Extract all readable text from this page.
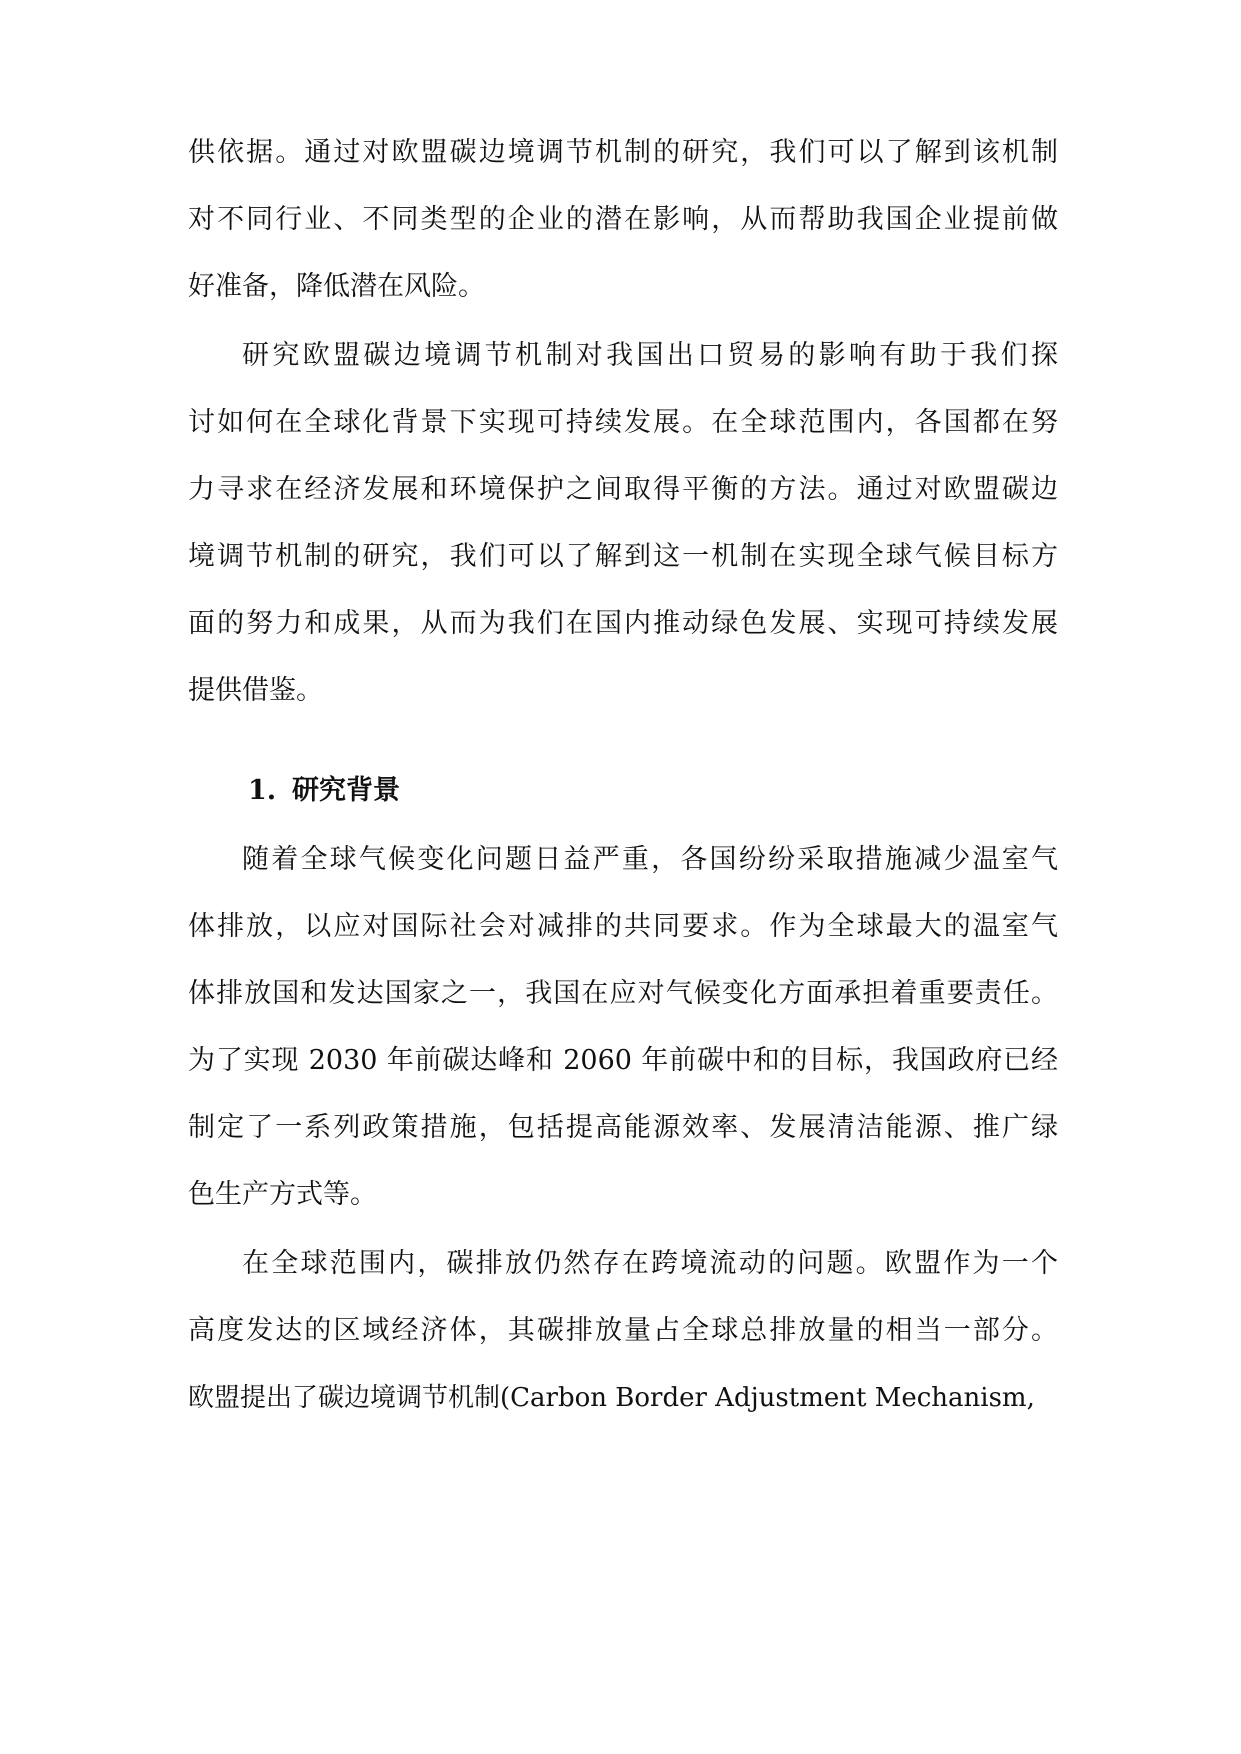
供依据。通过对欧盟碳边境调节机制的研究，我们可以了解到该机制
对不同行业、不同类型的企业的潜在影响，从而帮助我国企业提前做
好准备，降低潜在风险。
研究欧盟碳边境调节机制对我国出口贸易的影响有助于我们探
讨如何在全球化背景下实现可持续发展。在全球范围内，各国都在努
力寻求在经济发展和环境保护之间取得平衡的方法。通过对欧盟碳边
境调节机制的研究，我们可以了解到这一机制在实现全球气候目标方
面的努力和成果，从而为我们在国内推动绿色发展、实现可持续发展
提供借鉴。
1. 研究背景
随着全球气候变化问题日益严重，各国纷纷采取措施减少温室气
体排放，以应对国际社会对减排的共同要求。作为全球最大的温室气
体排放国和发达国家之一，我国在应对气候变化方面承担着重要责任。
为了实现 2030 年前碳达峰和 2060 年前碳中和的目标，我国政府已经
制定了一系列政策措施，包括提高能源效率、发展清洁能源、推广绿
色生产方式等。
在全球范围内，碳排放仍然存在跨境流动的问题。欧盟作为一个
高度发达的区域经济体，其碳排放量占全球总排放量的相当一部分。
欧盟提出了碳边境调节机制(Carbon Border Adjustment Mechanism,
